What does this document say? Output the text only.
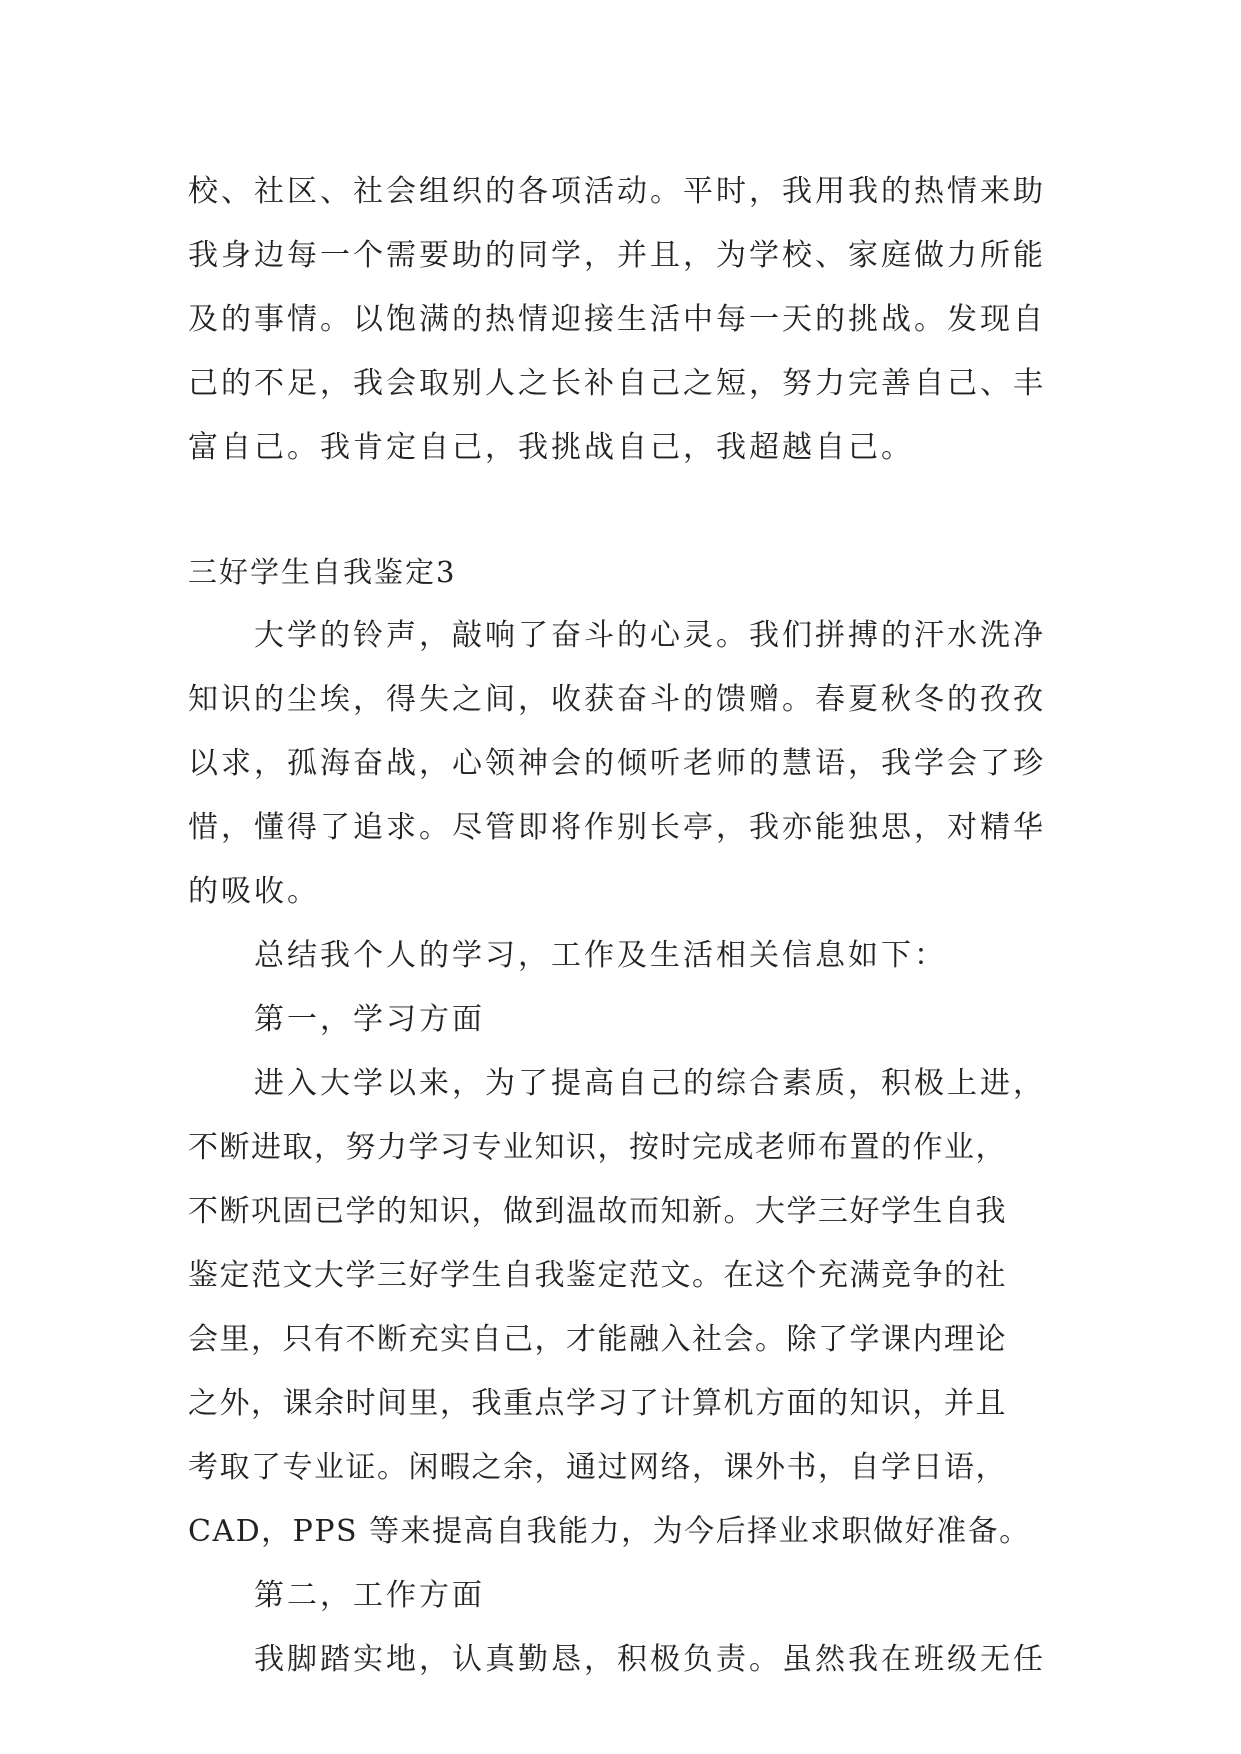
校、社区、社会组织的各项活动。平时，我用我的热情来助
我身边每一个需要助的同学，并且，为学校、家庭做力所能
及的事情。以饱满的热情迎接生活中每一天的挑战。发现自
己的不足，我会取别人之长补自己之短，努力完善自己、丰
富自己。我肯定自己，我挑战自己，我超越自己。
三好学生自我鉴定3
大学的铃声，敲响了奋斗的心灵。我们拼搏的汗水洗净
知识的尘埃，得失之间，收获奋斗的馈赠。春夏秋冬的孜孜
以求，孤海奋战，心领神会的倾听老师的慧语，我学会了珍
惜，懂得了追求。尽管即将作别长亭，我亦能独思，对精华
的吸收。
总结我个人的学习，工作及生活相关信息如下：
第一，学习方面
进入大学以来，为了提高自己的综合素质，积极上进，
不断进取，努力学习专业知识，按时完成老师布置的作业，
不断巩固已学的知识，做到温故而知新。大学三好学生自我
鉴定范文大学三好学生自我鉴定范文。在这个充满竞争的社
会里，只有不断充实自己，才能融入社会。除了学课内理论
之外，课余时间里，我重点学习了计算机方面的知识，并且
考取了专业证。闲暇之余，通过网络，课外书，自学日语，
CAD，PPS 等来提高自我能力，为今后择业求职做好准备。
第二，工作方面
我脚踏实地，认真勤恳，积极负责。虽然我在班级无任
